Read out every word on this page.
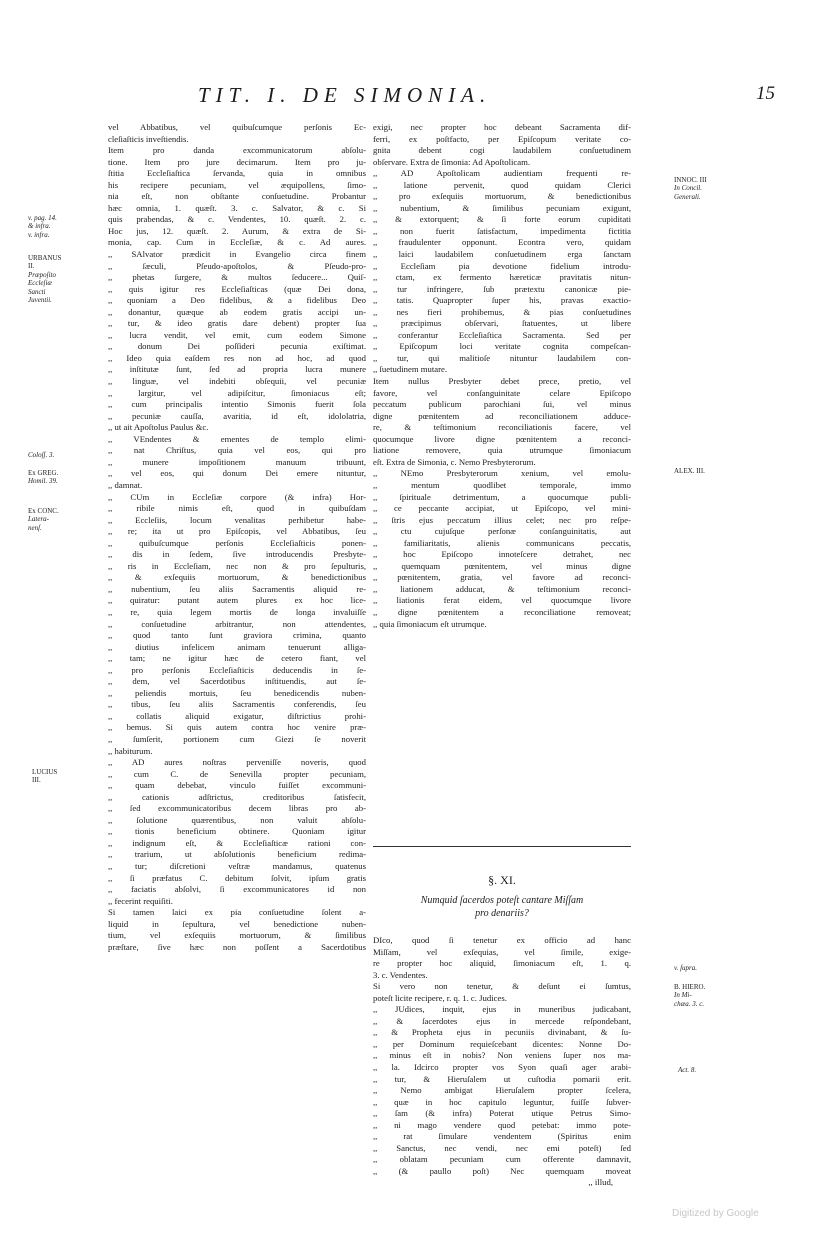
TIT. I. DE SIMONIA.	15

vel Abbatibus, vel quibuſcumque perſonis Ec-

cleſiaſticis inveſtiendis.

Item pro danda excommunicatorum abſolu-

tione. Item pro jure decimarum. Item pro ju-

ſtitia Eccleſiaſtica ſervanda, quia in omnibus

his recipere pecuniam, vel æquipollens, ſimo-

nia eſt, non obſtante conſuetudine. Probantur

hæc omnia, 1. quæſt. 3. c. Salvator, & c. Si

quis prabendas, & c. Vendentes, 10. quæſt. 2. c.

Hoc jus, 12. quæſt. 2. Aurum, & extra de Si-

monia, cap. Cum in Eccleſiæ, & c. Ad aures.

,, SAlvator prædicit in Evangelio circa finem

,, ſæculi, Pſeudo-apoſtolos, & Pſeudo-pro-

,, phetas ſurgere, & multos ſeducere... Quiſ-

,, quis igitur res Eccleſiaſticas (quæ Dei dona,

,, quoniam a Deo fidelibus, & a fidelibus Deo

,, donantur, quæque ab eodem gratis accipi un-

,, tur, & ideo gratis dare debent) propter ſua

,, lucra vendit, vel emit, cum eodem Simone

,, donum Dei poſſideri pecunia exiſtimat.

,, Ideo quia eaſdem res non ad hoc, ad quod

,, inſtitutæ ſunt, ſed ad propria lucra munere

,, linguæ, vel indebiti obſequii, vel pecuniæ

,, largitur, vel adipiſcitur, ſimoniacus eſt;

,, cum principalis intentio Simonis fuerit ſola

,, pecuniæ cauſſa, avaritia, id eſt, idololatria,

,, ut ait Apoſtolus Paulus &c.

,, VEndentes & ementes de templo elimi-

,, nat Chriſtus, quia vel eos, qui pro

,, munere impoſitionem manuum tribuunt,

,, vel eos, qui donum Dei emere nituntur,

,, damnat.

,, CUm in Eccleſiæ corpore (& infra) Hor-

,, ribile nimis eſt, quod in quibuſdam

,, Eccleſiis, locum venalitas perhibetur habe-

,, re; ita ut pro Epiſcopis, vel Abbatibus, ſeu

,, quibuſcumque perſonis Eccleſiaſticis ponen-

,, dis in ſedem, ſive introducendis Presbyte-

,, ris in Eccleſiam, nec non & pro ſepulturis,

,, & exſequiis mortuorum, & benedictionibus

,, nubentium, ſeu aliis Sacramentis aliquid re-

,, quiratur: putant autem plures ex hoc lice-

,, re, quia legem mortis de longa invaluiſſe

,, conſuetudine arbitrantur, non attendentes,

,, quod tanto ſunt graviora crimina, quanto

,, diutius infelicem animam tenuerunt alliga-

,, tam; ne igitur hæc de cetero fiant, vel

,, pro perſonis Eccleſiaſticis deducendis in ſe-

,, dem, vel Sacerdotibus inſtituendis, aut ſe-

,, peliendis mortuis, ſeu benedicendis nuben-

,, tibus, ſeu aliis Sacramentis conferendis, ſeu

,, collatis aliquid exigatur, diſtrictius prohi-

,, bemus. Si quis autem contra hoc venire præ-

,, ſumſerit, portionem cum Giezi ſe noverit

,, habiturum.

,, AD aures noſtras perveniſſe noveris, quod

,, cum C. de Senevilla propter pecuniam,

,, quam debebat, vinculo fuiſſet excommuni-

,, cationis adſtrictus, creditoribus ſatisfecit,

,, ſed excommunicatoribus decem libras pro ab-

,, ſolutione quærentibus, non valuit abſolu-

,, tionis beneficium obtinere. Quoniam igitur

,, indignum eſt, & Eccleſiaſticæ rationi con-

,, trarium, ut abſolutionis beneficium redima-

,, tur; diſcretioni veſtræ mandamus, quatenus

,, ſi præfatus C. debitum ſolvit, ipſum gratis

,, faciatis abſolvi, ſi excommunicatores id non

,, fecerint requiſiti.

Si tamen laici ex pia conſuetudine ſolent a-

liquid in ſepultura, vel benedictione nuben-

tium, vel exſequiis mortuorum, & ſimilibus

præſtare, ſive hæc non poſſent a Sacerdotibus

exigi, nec propter hoc debeant Sacramenta dif-

ferri, ex poſtfacto, per Epiſcopum veritate co-

gnita debent cogi laudabilem conſuetudinem

obſervare. Extra de ſimonia: Ad Apoſtolicam.

,, AD Apoſtolicam audientiam frequenti re-

,, latione pervenit, quod quidam Clerici

,, pro exſequiis mortuorum, & benedictionibus

,, nubentium, & ſimilibus pecuniam exigunt,

,, & extorquent; & ſi forte eorum cupiditati

,, non fuerit ſatisfactum, impedimenta fictitia

,, fraudulenter opponunt. Econtra vero, quidam

,, laici laudabilem conſuetudinem erga ſanctam

,, Eccleſiam pia devotione fidelium introdu-

,, ctam, ex fermento hæreticæ pravitatis nitun-

,, tur infringere, ſub prætextu canonicæ pie-

,, tatis. Quapropter ſuper his, pravas exactio-

,, nes fieri prohibemus, & pias conſuetudines

,, præcipimus obſervari, ſtatuentes, ut libere

,, conferantur Eccleſiaſtica Sacramenta. Sed per

,, Epiſcopum loci veritate cognita compeſcan-

,, tur, qui malitioſe nituntur laudabilem con-

,, ſuetudinem mutare.

Item nullus Presbyter debet prece, pretio, vel

favore, vel conſanguinitate celare Epiſcopo

peccatum publicum parochiani ſui, vel minus

digne pœnitentem ad reconciliationem adduce-

re, & teſtimonium reconciliationis facere, vel

quocumque livore digne pœnitentem a reconci-

liatione removere, quia utrumque ſimoniacum

eſt. Extra de Simonia, c. Nemo Presbyterorum.

,, NEmo Presbyterorum xenium, vel emolu-

,, mentum quodlibet temporale, immo

,, ſpirituale detrimentum, a quocumque publi-

,, ce peccante accipiat, ut Epiſcopo, vel mini-

,, ſtris ejus peccatum illius celet; nec pro reſpe-

,, ctu cujuſque perſonæ conſanguinitatis, aut

,, familiaritatis, alienis communicans peccatis,

,, hoc Epiſcopo innoteſcere detrahet, nec

,, quemquam pœnitentem, vel minus digne

,, pœnitentem, gratia, vel favore ad reconci-

,, liationem adducat, & teſtimonium reconci-

,, liationis ferat eidem, vel quocumque livore

,, digne pœnitentem a reconciliatione removeat;

,, quia ſimoniacum eſt utrumque.

§. XI.
Numquid ſacerdos poteſt cantare Miſſam
pro denariis?

DIco, quod ſi tenetur ex officio ad hanc

Miſſam, vel exſequias, vel ſimile, exige-

re propter hoc aliquid, ſimoniacum eſt, 1. q.

3. c. Vendentes.

Si vero non tenetur, & deſunt ei ſumtus,

poteſt licite recipere, r. q. 1. c. Judices.

,, JUdices, inquit, ejus in muneribus judicabant,

,, & ſacerdotes ejus in mercede reſpondebant,

,, & Propheta ejus in pecuniis divinabant, & ſu-

,, per Dominum requieſcebant dicentes: Nonne Do-

,, minus eſt in nobis? Non veniens ſuper nos ma-

,, la. Idcirco propter vos Syon quaſi ager arabi-

,, tur, & Hieruſalem ut cuſtodia pomarii erit.

,, Nemo ambigat Hieruſalem propter ſcelera,

,, quæ in hoc capitulo leguntur, fuiſſe ſubver-

,, ſam (& infra) Poterat utique Petrus Simo-

,, ni mago vendere quod petebat: immo pote-

,, rat ſimulare vendentem (Spiritus enim

,, Sanctus, nec vendi, nec emi poteſt) ſed

,, oblatam pecuniam cum offerente damnavit,

,, (& paullo poſt) Nec quemquam moveat

,, illud,

v. pag. 14.
& infra.
v. infra.
URBANUS
II.
Præpoſito
Eccleſiæ
Sancti
Juventii.
Coloſſ. 3.
Ex GREG.
Homil. 39.
Ex CONC.
Latera-
nenſ.
LUCIUS
III.
INNOC. III
In Concil.
Generali.
ALEX. III.
v. ſupra.
B. HIERO.
In Mi-
chæa. 3. c.
Act. 8.
Digitized by Google
